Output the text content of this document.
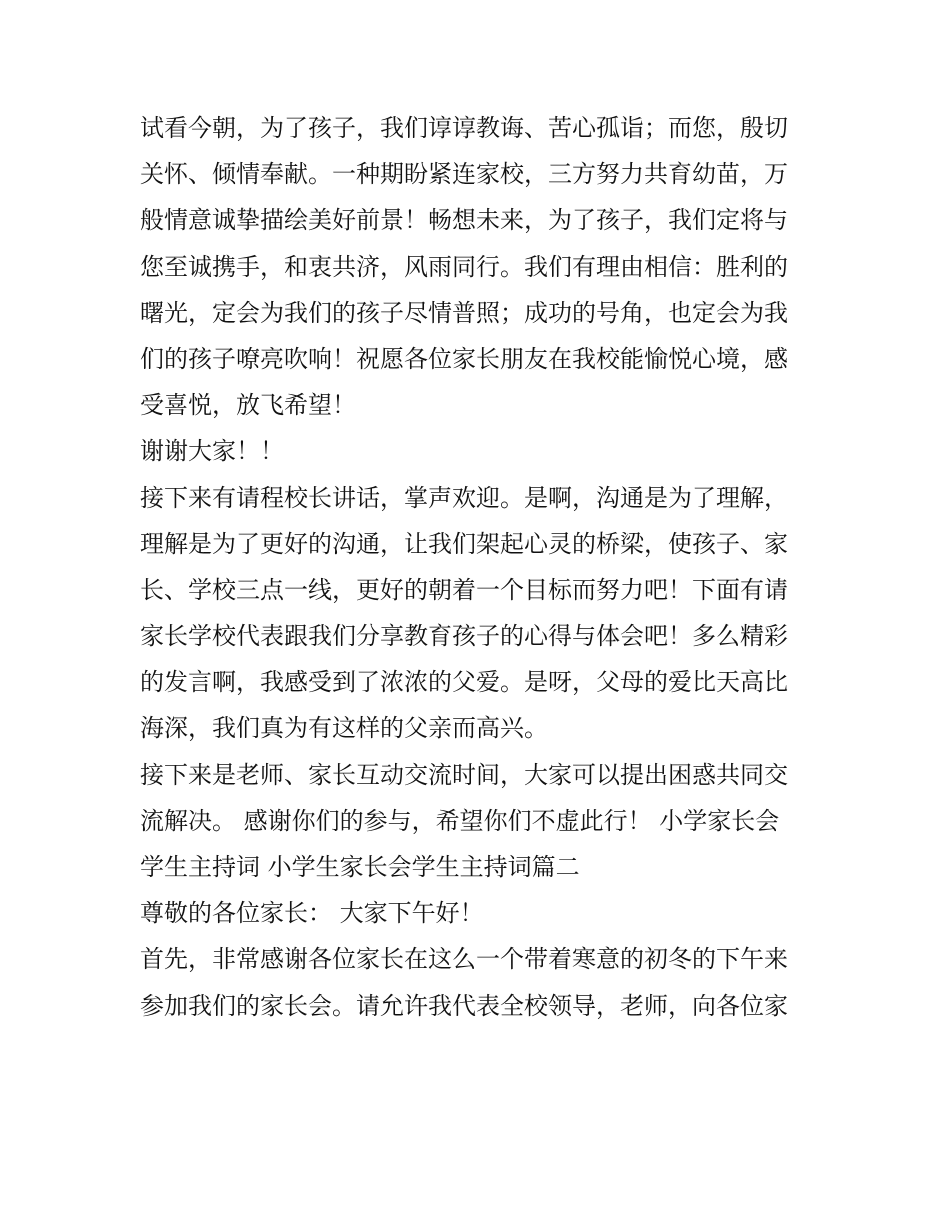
试看今朝，为了孩子，我们谆谆教诲、苦心孤诣；而您，殷切
关怀、倾情奉献。一种期盼紧连家校，三方努力共育幼苗，万
般情意诚挚描绘美好前景！畅想未来，为了孩子，我们定将与
您至诚携手，和衷共济，风雨同行。我们有理由相信：胜利的
曙光，定会为我们的孩子尽情普照；成功的号角，也定会为我
们的孩子嘹亮吹响！祝愿各位家长朋友在我校能愉悦心境，感
受喜悦，放飞希望！
谢谢大家！！
接下来有请程校长讲话，掌声欢迎。是啊，沟通是为了理解，
理解是为了更好的沟通，让我们架起心灵的桥梁，使孩子、家
长、学校三点一线，更好的朝着一个目标而努力吧！下面有请
家长学校代表跟我们分享教育孩子的心得与体会吧！多么精彩
的发言啊，我感受到了浓浓的父爱。是呀，父母的爱比天高比
海深，我们真为有这样的父亲而高兴。
接下来是老师、家长互动交流时间，大家可以提出困惑共同交
流解决。 感谢你们的参与，希望你们不虚此行！ 小学家长会
学生主持词 小学生家长会学生主持词篇二
尊敬的各位家长： 大家下午好！
首先，非常感谢各位家长在这么一个带着寒意的初冬的下午来
参加我们的家长会。请允许我代表全校领导，老师，向各位家
